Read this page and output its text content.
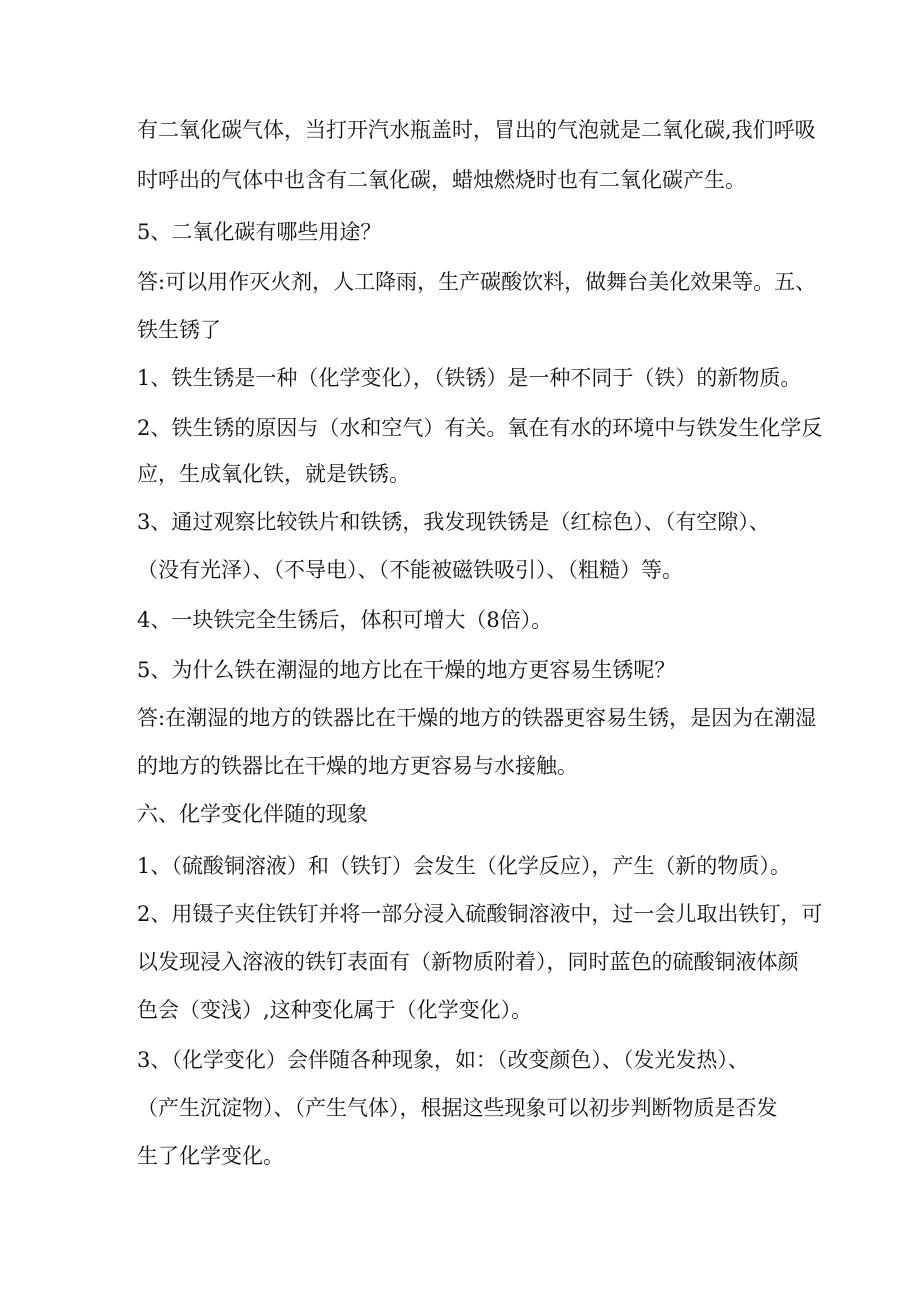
有二氧化碳气体，当打开汽水瓶盖时，冒出的气泡就是二氧化碳,我们呼吸
时呼出的气体中也含有二氧化碳，蜡烛燃烧时也有二氧化碳产生。
5、二氧化碳有哪些用途？
答:可以用作灭火剂，人工降雨，生产碳酸饮料，做舞台美化效果等。五、
铁生锈了
1、铁生锈是一种（化学变化），（铁锈）是一种不同于（铁）的新物质。
2、铁生锈的原因与（水和空气）有关。氧在有水的环境中与铁发生化学反
应，生成氧化铁，就是铁锈。
3、通过观察比较铁片和铁锈，我发现铁锈是（红棕色）、（有空隙）、
（没有光泽）、（不导电）、（不能被磁铁吸引）、（粗糙）等。
4、一块铁完全生锈后，体积可增大（8倍）。
5、为什么铁在潮湿的地方比在干燥的地方更容易生锈呢？
答:在潮湿的地方的铁器比在干燥的地方的铁器更容易生锈，是因为在潮湿
的地方的铁器比在干燥的地方更容易与水接触。
六、化学变化伴随的现象
1、（硫酸铜溶液）和（铁钉）会发生（化学反应），产生（新的物质）。
2、用镊子夹住铁钉并将一部分浸入硫酸铜溶液中，过一会儿取出铁钉，可
以发现浸入溶液的铁钉表面有（新物质附着），同时蓝色的硫酸铜液体颜
色会（变浅）,这种变化属于（化学变化）。
3、（化学变化）会伴随各种现象，如：（改变颜色）、（发光发热）、
（产生沉淀物）、（产生气体），根据这些现象可以初步判断物质是否发
生了化学变化。
